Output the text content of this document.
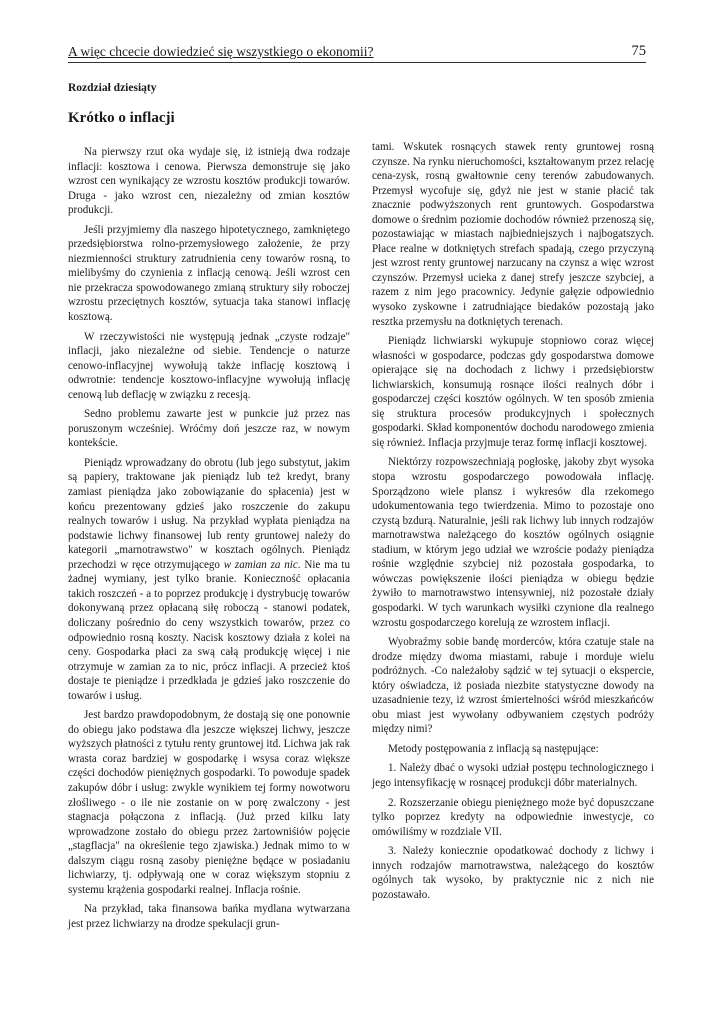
A więc chcecie dowiedzieć się wszystkiego o ekonomii?	75
Rozdział dziesiąty
Krótko o inflacji

Na pierwszy rzut oka wydaje się, iż istnieją dwa rodzaje inflacji: kosztowa i cenowa. Pierwsza demonstruje się jako wzrost cen wynikający ze wzrostu kosztów produkcji towarów. Druga - jako wzrost cen, niezależny od zmian kosztów produkcji.

Jeśli przyjmiemy dla naszego hipotetycznego, zamkniętego przedsiębiorstwa rolno-przemysłowego założenie, że przy niezmienności struktury zatrudnienia ceny towarów rosną, to mielibyśmy do czynienia z inflacją cenową. Jeśli wzrost cen nie przekracza spowodowanego zmianą struktury siły roboczej wzrostu przeciętnych kosztów, sytuacja taka stanowi inflację kosztową.

W rzeczywistości nie występują jednak „czyste rodzaje" inflacji, jako niezależne od siebie. Tendencje o naturze cenowo-inflacyjnej wywołują także inflację kosztową i odwrotnie: tendencje kosztowo-inflacyjne wywołują inflację cenową lub deflację w związku z recesją.

Sedno problemu zawarte jest w punkcie już przez nas poruszonym wcześniej. Wróćmy doń jeszcze raz, w nowym kontekście.

Pieniądz wprowadzany do obrotu (lub jego substytut, jakim są papiery, traktowane jak pieniądz lub też kredyt, brany zamiast pieniądza jako zobowiązanie do spłacenia) jest w końcu prezentowany gdzieś jako roszczenie do zakupu realnych towarów i usług. Na przykład wypłata pieniądza na podstawie lichwy finansowej lub renty gruntowej należy do kategorii „marnotrawstwo" w kosztach ogólnych. Pieniądz przechodzi w ręce otrzymującego w zamian za nic. Nie ma tu żadnej wymiany, jest tylko branie. Konieczność opłacania takich roszczeń - a to poprzez produkcję i dystrybucję towarów dokonywaną przez opłacaną siłę roboczą - stanowi podatek, doliczany pośrednio do ceny wszystkich towarów, przez co odpowiednio rosną koszty. Nacisk kosztowy działa z kolei na ceny. Gospodarka płaci za swą całą produkcję więcej i nie otrzymuje w zamian za to nic, prócz inflacji. A przecież ktoś dostaje te pieniądze i przedkłada je gdzieś jako roszczenie do towarów i usług.

Jest bardzo prawdopodobnym, że dostają się one ponownie do obiegu jako podstawa dla jeszcze większej lichwy, jeszcze wyższych płatności z tytułu renty gruntowej itd. Lichwa jak rak wrasta coraz bardziej w gospodarkę i wsysa coraz większe części dochodów pieniężnych gospodarki. To powoduje spadek zakupów dóbr i usług: zwykle wynikiem tej formy nowotworu złośliwego - o ile nie zostanie on w porę zwalczony - jest stagnacja połączona z inflacją. (Już przed kilku laty wprowadzone zostało do obiegu przez żartowniśiów pojęcie „stagflacja" na określenie tego zjawiska.) Jednak mimo to w dalszym ciągu rosną zasoby pieniężne będące w posiadaniu lichwiarzy, tj. odpływają one w coraz większym stopniu z systemu krążenia gospodarki realnej. Inflacja rośnie.

Na przykład, taka finansowa bańka mydlana wytwarzana jest przez lichwiarzy na drodze spekulacji grun-

tami. Wskutek rosnących stawek renty gruntowej rosną czynsze. Na rynku nieruchomości, kształtowanym przez relację cena-zysk, rosną gwałtownie ceny terenów zabudowanych. Przemysł wycofuje się, gdyż nie jest w stanie płacić tak znacznie podwyższonych rent gruntowych. Gospodarstwa domowe o średnim poziomie dochodów również przenoszą się, pozostawiając w miastach najbiedniejszych i najbogatszych. Płace realne w dotkniętych strefach spadają, czego przyczyną jest wzrost renty gruntowej narzucany na czynsz a więc wzrost czynszów. Przemysł ucieka z danej strefy jeszcze szybciej, a razem z nim jego pracownicy. Jedynie gałęzie odpowiednio wysoko zyskowne i zatrudniające biedaków pozostają jako resztka przemysłu na dotkniętych terenach.

Pieniądz lichwiarski wykupuje stopniowo coraz więcej własności w gospodarce, podczas gdy gospodarstwa domowe opierające się na dochodach z lichwy i przedsiębiorstw lichwiarskich, konsumują rosnące ilości realnych dóbr i gospodarczej części kosztów ogólnych. W ten sposób zmienia się struktura procesów produkcyjnych i społecznych gospodarki. Skład komponentów dochodu narodowego zmienia się również. Inflacja przyjmuje teraz formę inflacji kosztowej.

Niektórzy rozpowszechniają pogłoskę, jakoby zbyt wysoka stopa wzrostu gospodarczego powodowała inflację. Sporządzono wiele plansz i wykresów dla rzekomego udokumentowania tego twierdzenia. Mimo to pozostaje ono czystą bzdurą. Naturalnie, jeśli rak lichwy lub innych rodzajów marnotrawstwa należącego do kosztów ogólnych osiągnie stadium, w którym jego udział we wzroście podaży pieniądza rośnie względnie szybciej niż pozostała gospodarka, to wówczas powiększenie ilości pieniądza w obiegu będzie żywiło to marnotrawstwo intensywniej, niż pozostałe działy gospodarki. W tych warunkach wysiłki czynione dla realnego wzrostu gospodarczego korelują ze wzrostem inflacji.

Wyobraźmy sobie bandę morderców, która czatuje stale na drodze między dwoma miastami, rabuje i morduje wielu podróżnych. -Co należałoby sądzić w tej sytuacji o ekspercie, który oświadcza, iż posiada niezbite statystyczne dowody na uzasadnienie tezy, iż wzrost śmiertelności wśród mieszkańców obu miast jest wywołany odbywaniem częstych podróży między nimi?

Metody postępowania z inflacją są następujące:

1. Należy dbać o wysoki udział postępu technologicznego i jego intensyfikację w rosnącej produkcji dóbr materialnych.

2. Rozszerzanie obiegu pieniężnego może być dopuszczane tylko poprzez kredyty na odpowiednie inwestycje, co omówiliśmy w rozdziale VII.

3. Należy koniecznie opodatkować dochody z lichwy i innych rodzajów marnotrawstwa, należącego do kosztów ogólnych tak wysoko, by praktycznie nic z nich nie pozostawało.
